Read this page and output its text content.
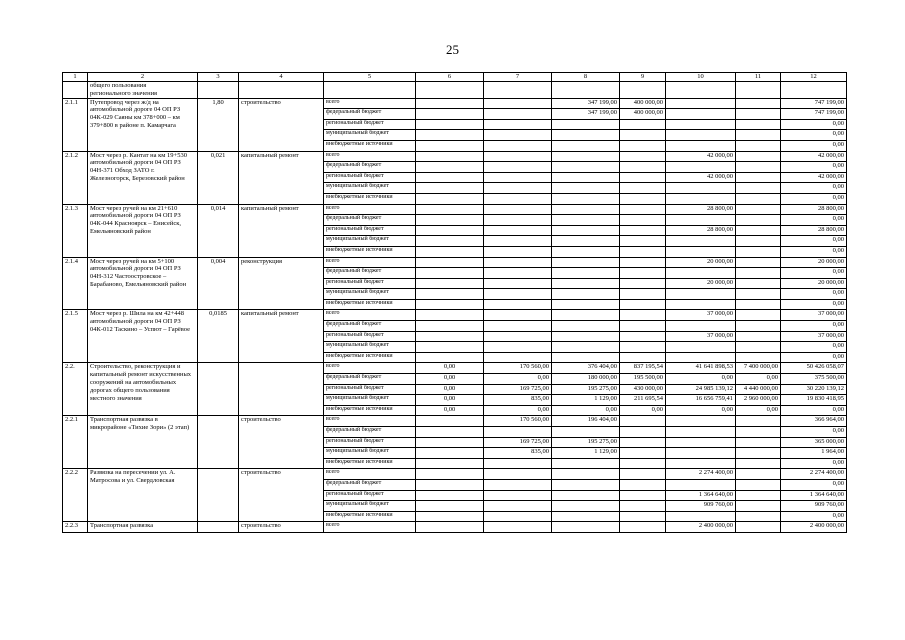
25
1	2	3	4	5	6	7	8	9	10	11	12

	общего пользования
регионального значения										

2.1.1	Путепровод через ж/д на автомобильной дороге 04 ОП РЗ 04К-029 Саяны км 378+000 – км 379+800 в районе п. Камарчага	1,80	строительство	всего			347 199,00	400 000,00			747 199,00
				федеральный бюджет			347 199,00	400 000,00			747 199,00
				региональный бюджет							0,00
				муниципальный бюджет							0,00
				внебюджетные источники							0,00
2.1.2	Мост через р. Кантат на км 19+530 автомобильной дороги 04 ОП РЗ 04Н-371 Обход ЗАТО г. Железногорск, Березовский район	0,021	капитальный ремонт	всего					42 000,00		42 000,00
				федеральный бюджет							0,00
				региональный бюджет					42 000,00		42 000,00
				муниципальный бюджет							0,00
				внебюджетные источники							0,00
2.1.3	Мост через ручей на км 21+610 автомобильной дороги 04 ОП РЗ 04К-044 Красноярск – Енисейск, Емельяновский район	0,014	капитальный ремонт	всего					28 800,00		28 800,00
				федеральный бюджет							0,00
				региональный бюджет					28 800,00		28 800,00
				муниципальный бюджет							0,00
				внебюджетные источники							0,00
2.1.4	Мост через ручей на км 5+100 автомобильной дороги 04 ОП РЗ 04Н-312 Частоостровское – Барабаново, Емельяновский район	0,004	реконструкция	всего					20 000,00		20 000,00
				федеральный бюджет							0,00
				региональный бюджет					20 000,00		20 000,00
				муниципальный бюджет							0,00
				внебюджетные источники							0,00
2.1.5	Мост через р. Шила на км 42+448 автомобильной дороги 04 ОП РЗ 04К-012 Таскино – Успют – Гарёвое	0,0185	капитальный ремонт	всего					37 000,00		37 000,00
				федеральный бюджет							0,00
				региональный бюджет					37 000,00		37 000,00
				муниципальный бюджет							0,00
				внебюджетные источники							0,00
2.2.	Строительство, реконструкция и капитальный ремонт искусственных сооружений на автомобильных дорогах общего пользования местного значения			всего	0,00	170 560,00	376 404,00	837 195,54	41 641 898,53	7 400 000,00	50 426 058,07
				федеральный бюджет	0,00	0,00	180 000,00	195 500,00	0,00	0,00	375 500,00
				региональный бюджет	0,00	169 725,00	195 275,00	430 000,00	24 985 139,12	4 440 000,00	30 220 139,12
				муниципальный бюджет	0,00	835,00	1 129,00	211 695,54	16 656 759,41	2 960 000,00	19 830 418,95
				внебюджетные источники	0,00	0,00	0,00	0,00	0,00	0,00	0,00
2.2.1	Транспортная развязка в микрорайоне «Тихие Зори» (2 этап)		строительство	всего		170 560,00	196 404,00				366 964,00
				федеральный бюджет							0,00
				региональный бюджет		169 725,00	195 275,00				365 000,00
				муниципальный бюджет		835,00	1 129,00				1 964,00
				внебюджетные источники							0,00
2.2.2	Развязка на пересечении ул. А. Матросова и ул. Свердловская		строительство	всего					2 274 400,00		2 274 400,00
				федеральный бюджет							0,00
				региональный бюджет					1 364 640,00		1 364 640,00
				муниципальный бюджет					909 760,00		909 760,00
				внебюджетные источники							0,00
2.2.3	Транспортная развязка		строительство	всего					2 400 000,00		2 400 000,00
